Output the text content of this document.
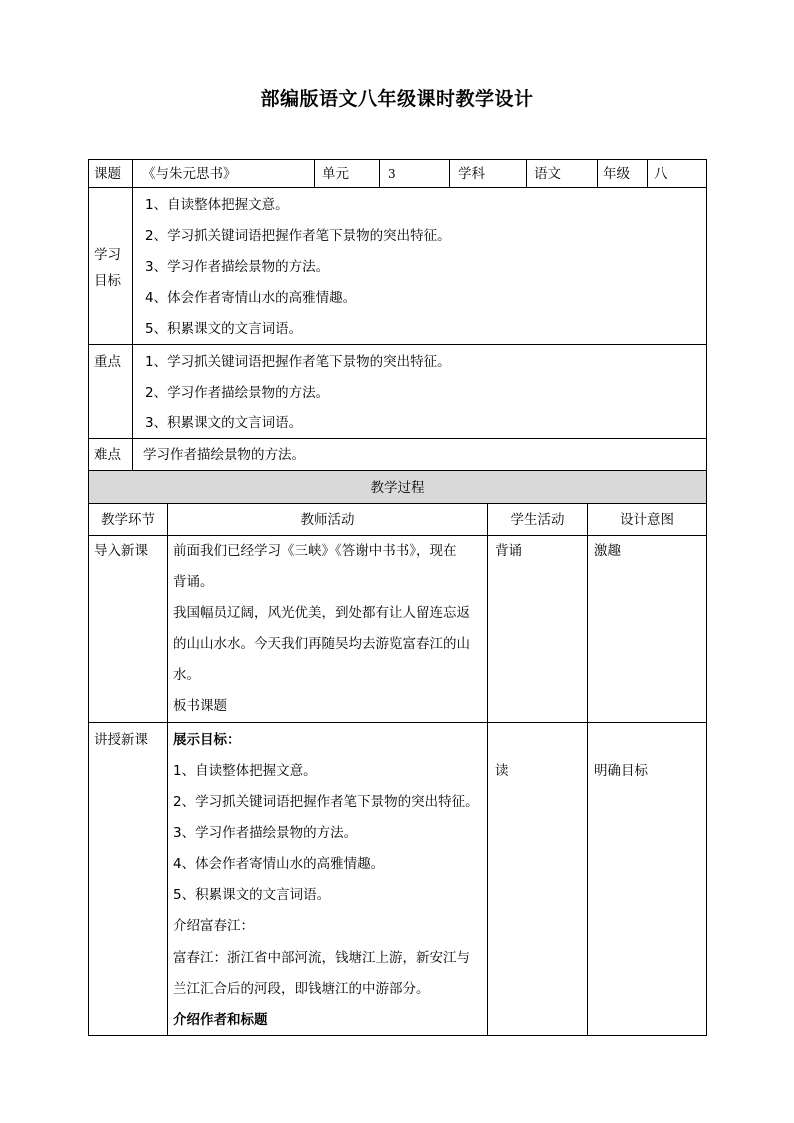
部编版语文八年级课时教学设计
课题 《与朱元思书》	单元	3	学科	语文	年级 八
学习
目标
1、自读整体把握文意。
2、学习抓关键词语把握作者笔下景物的突出特征。
3、学习作者描绘景物的方法。
4、体会作者寄情山水的高雅情趣。
5、积累课文的文言词语。
重点 1、学习抓关键词语把握作者笔下景物的突出特征。
2、学习作者描绘景物的方法。
3、积累课文的文言词语。
难点 学习作者描绘景物的方法。
教学过程
教学环节	教师活动	学生活动	设计意图
导入新课 前面我们已经学习《三峡》《答谢中书书》，现在
背诵。
我国幅员辽阔，风光优美，到处都有让人留连忘返
的山山水水。今天我们再随吴均去游览富春江的山
水。
板书课题
背诵	激趣
讲授新课 展示目标：
1、自读整体把握文意。
2、学习抓关键词语把握作者笔下景物的突出特征。
3、学习作者描绘景物的方法。
4、体会作者寄情山水的高雅情趣。
5、积累课文的文言词语。
介绍富春江：
富春江：浙江省中部河流，钱塘江上游，新安江与
兰江汇合后的河段，即钱塘江的中游部分。
介绍作者和标题
读	明确目标
